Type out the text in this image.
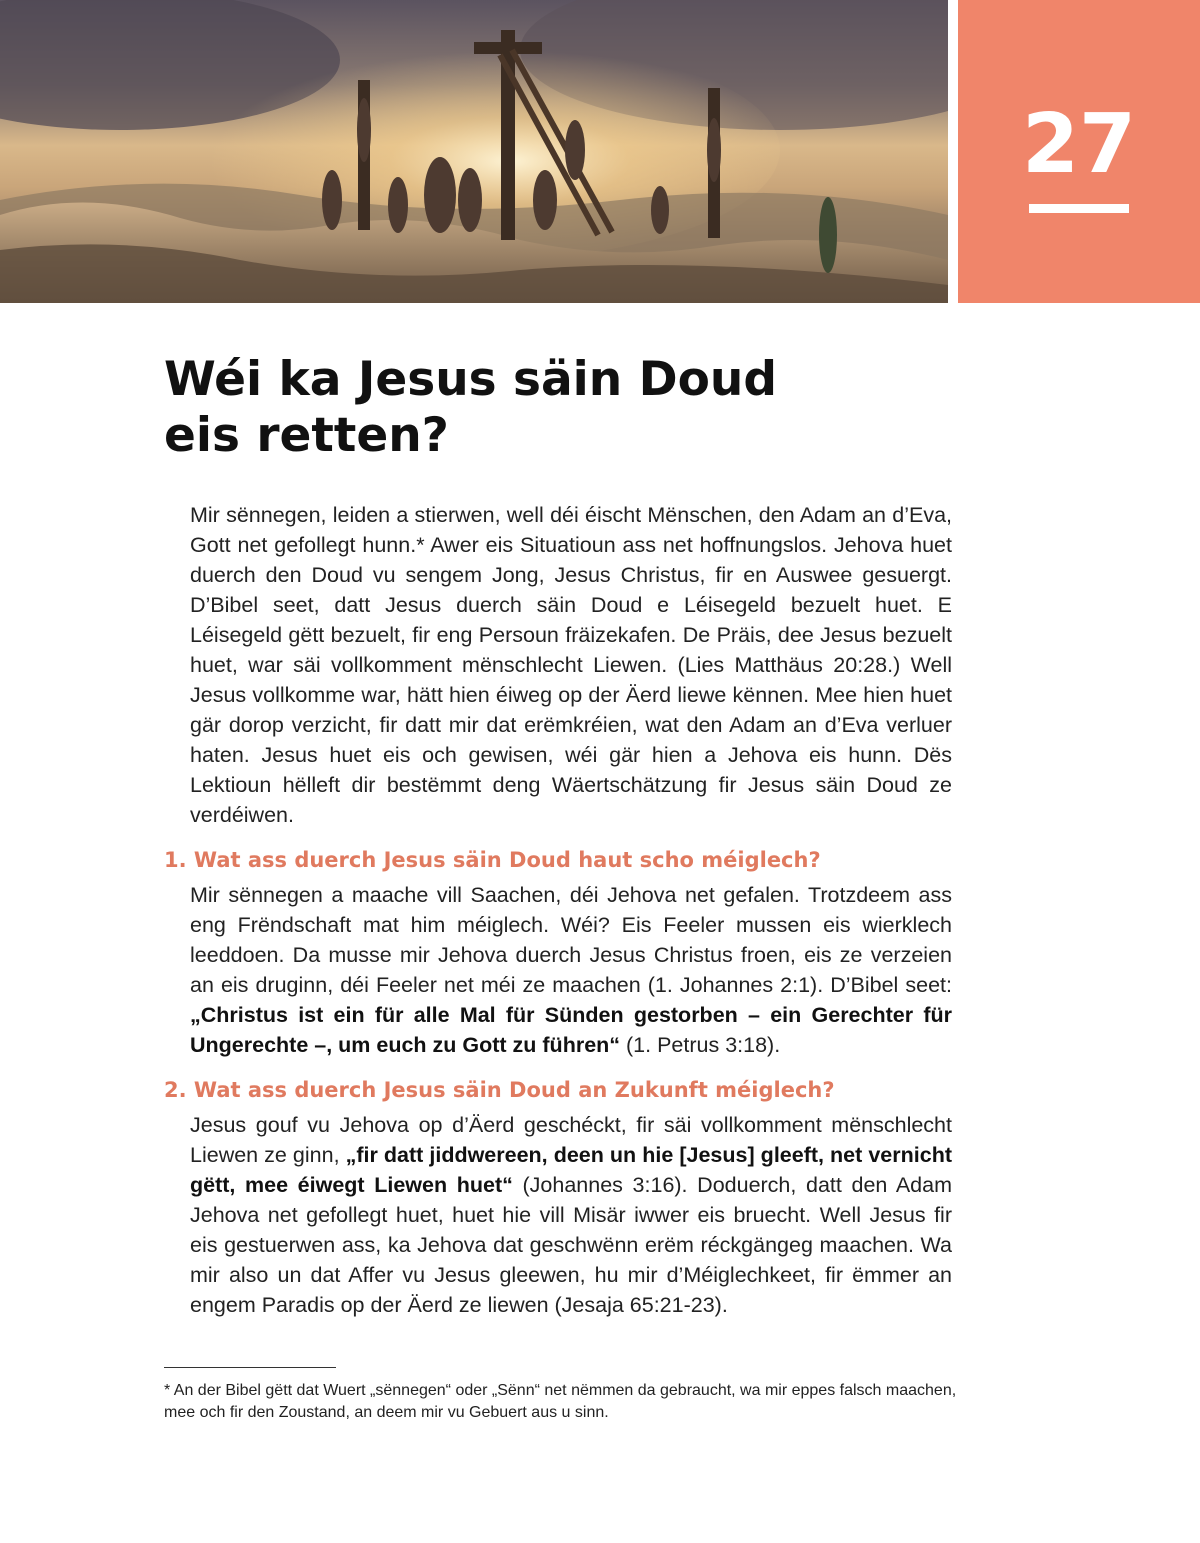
27
Wéi ka Jesus säin Doud
eis retten?

Mir sënnegen, leiden a stierwen, well déi éischt Mënschen, den Adam an d’Eva, Gott net gefollegt hunn.* Awer eis Situatioun ass net hoffnungslos. Jehova huet duerch den Doud vu sengem Jong, Jesus Christus, fir en Auswee gesuergt. D’Bibel seet, datt Jesus duerch säin Doud e Léisegeld bezuelt huet. E Léisegeld gëtt bezuelt, fir eng Persoun fräizekafen. De Präis, dee Jesus bezuelt huet, war säi vollkomment mënschlecht Liewen. (Lies Matthäus 20:28.) Well Jesus vollkomme war, hätt hien éiweg op der Äerd liewe kënnen. Mee hien huet gär dorop verzicht, fir datt mir dat erëmkréien, wat den Adam an d’Eva verluer haten. Jesus huet eis och gewisen, wéi gär hien a Jehova eis hunn. Dës Lektioun hëlleft dir bestëmmt deng Wäertschätzung fir Jesus säin Doud ze verdéiwen.

1. Wat ass duerch Jesus säin Doud haut scho méiglech?

Mir sënnegen a maache vill Saachen, déi Jehova net gefalen. Trotzdeem ass eng Frëndschaft mat him méiglech. Wéi? Eis Feeler mussen eis wierklech leeddoen. Da musse mir Jehova duerch Jesus Christus froen, eis ze verzeien an eis druginn, déi Feeler net méi ze maachen (1. Johannes 2:1). D’Bibel seet: „Christus ist ein für alle Mal für Sünden gestorben – ein Gerechter für Ungerechte –, um euch zu Gott zu führen“ (1. Petrus 3:18).

2. Wat ass duerch Jesus säin Doud an Zukunft méiglech?

Jesus gouf vu Jehova op d’Äerd geschéckt, fir säi vollkomment mënschlecht Liewen ze ginn, „fir datt jiddwereen, deen un hie [Jesus] gleeft, net vernicht gëtt, mee éiwegt Liewen huet“ (Johannes 3:16). Doduerch, datt den Adam Jehova net gefollegt huet, huet hie vill Misär iwwer eis bruecht. Well Jesus fir eis gestuerwen ass, ka Jehova dat geschwënn erëm réckgängeg maachen. Wa mir also un dat Affer vu Jesus gleewen, hu mir d’Méiglechkeet, fir ëmmer an engem Paradis op der Äerd ze liewen (Jesaja 65:21-23).

* An der Bibel gëtt dat Wuert „sënnegen“ oder „Sënn“ net nëmmen da gebraucht, wa mir eppes falsch maachen, mee och fir den Zoustand, an deem mir vu Gebuert aus u sinn.
